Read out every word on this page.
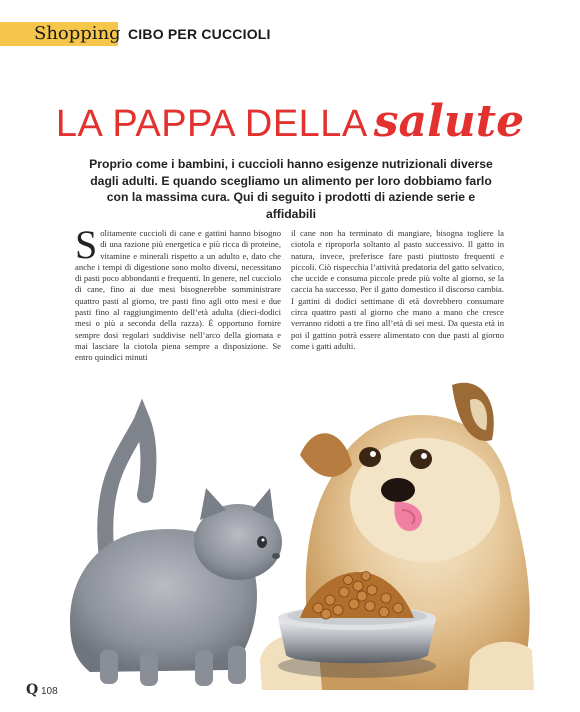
Shopping CIBO PER CUCCIOLI
LA PAPPA DELLA salute

Proprio come i bambini, i cuccioli hanno esigenze nutrizionali diverse dagli adulti. E quando scegliamo un alimento per loro dobbiamo farlo con la massima cura. Qui di seguito i prodotti di aziende serie e affidabili

Solitamente cuccioli di cane e gattini hanno bisogno di una razione più energetica e più ricca di proteine, vitamine e minerali rispetto a un adulto e, dato che anche i tempi di digestione sono molto diversi, necessitano di pasti poco abbondanti e frequenti. In genere, nel cucciolo di cane, fino ai due mesi bisognerebbe somministrare quattro pasti al giorno, tre pasti fino agli otto mesi e due pasti fino al raggiungimento dell’età adulta (dieci-dodici mesi o più a seconda della razza). È opportuno fornire sempre dosi regolari suddivise nell’arco della giornata e mai lasciare la ciotola piena sempre a disposizione. Se entro quindici minuti
il cane non ha terminato di mangiare, bisogna togliere la ciotola e riproporla soltanto al pasto successivo. Il gatto in natura, invece, preferisce fare pasti piuttosto frequenti e piccoli. Ciò rispecchia l’attività predatoria del gatto selvatico, che uccide e consuma piccole prede più volte al giorno, se la caccia ha successo. Per il gatto domestico il discorso cambia. I gattini di dodici settimane di età dovrebbero consumare circa quattro pasti al giorno che mano a mano che cresce verranno ridotti a tre fino all’età di sei mesi. Da questa età in poi il gattino potrà essere alimentato con due pasti al giorno come i gatti adulti.
Q 108
